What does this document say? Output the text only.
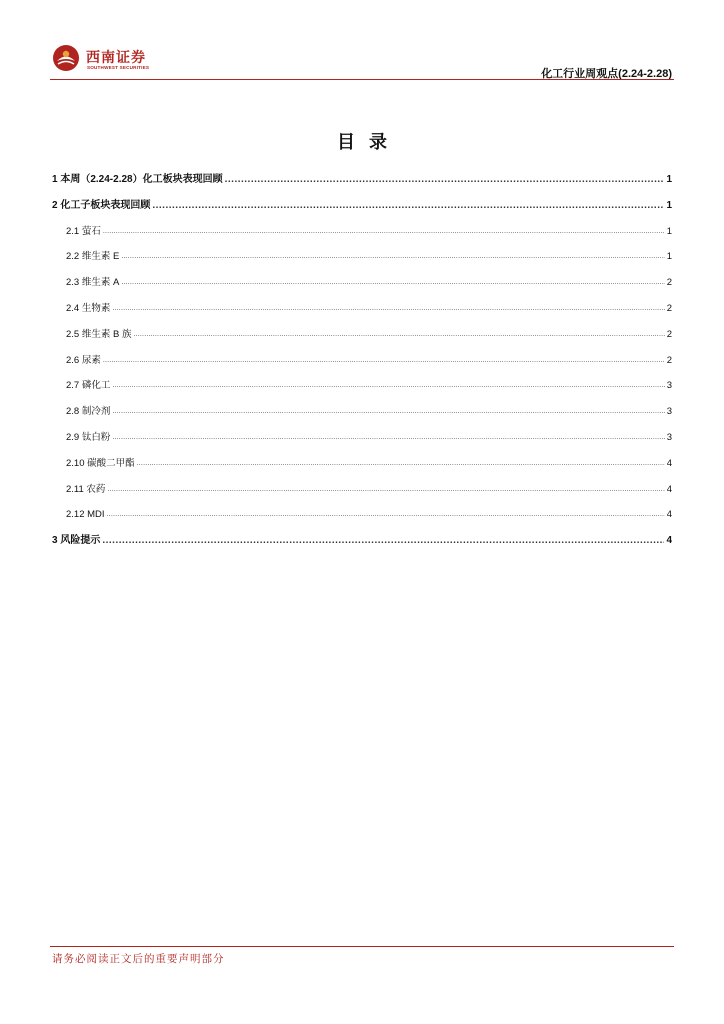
西南证券
SOUTHWEST SECURITIES
化工行业周观点(2.24-2.28)
目录
1 本周（2.24-2.28）化工板块表现回顾 .....	1
2 化工子板块表现回顾 .....	1
2.1 萤石 .....	1
2.2 维生素 E .....	1
2.3 维生素 A .....	2
2.4 生物素 .....	2
2.5 维生素 B 族 .....	2
2.6 尿素 .....	2
2.7 磷化工 .....	3
2.8 制冷剂 .....	3
2.9 钛白粉 .....	3
2.10 碳酸二甲酯 .....	4
2.11 农药 .....	4
2.12 MDI .....	4
3 风险提示 .....	4
请务必阅读正文后的重要声明部分
